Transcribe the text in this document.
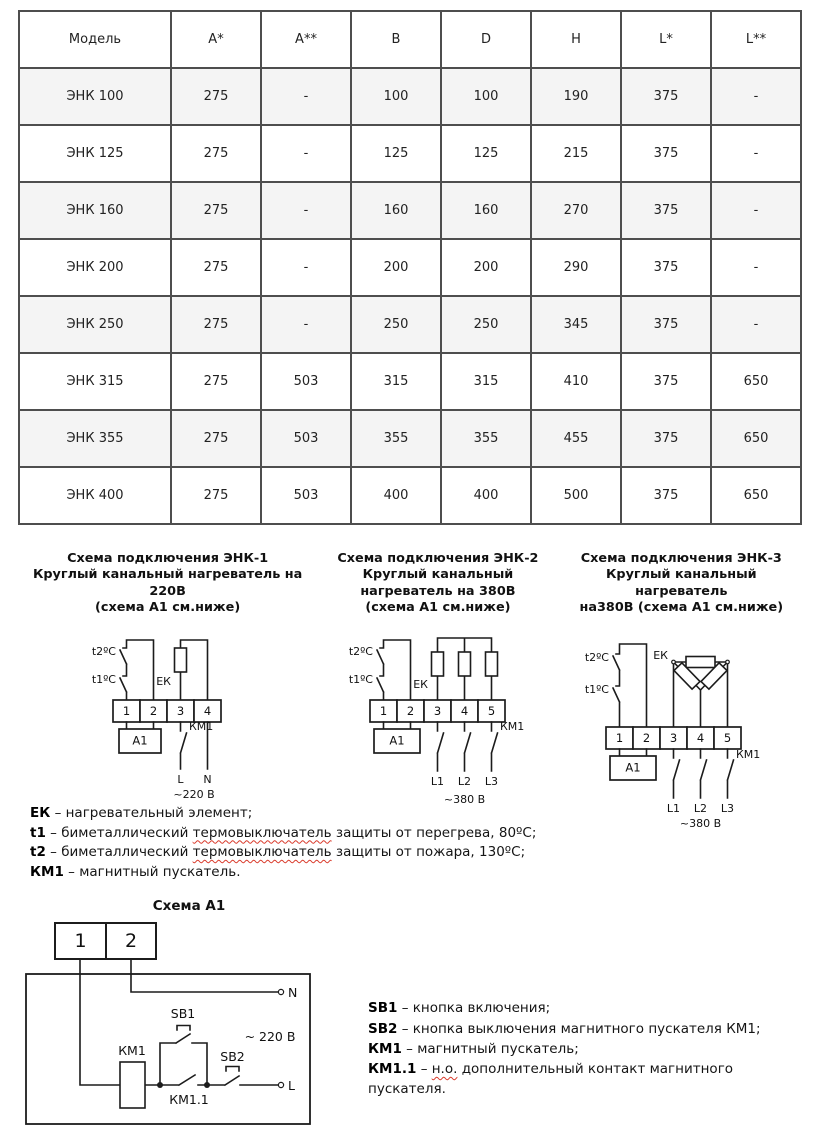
Модель	A*	A**	B	D	H	L*	L**
ЭНК 100	275	-	100	100	190	375	-
ЭНК 125	275	-	125	125	215	375	-
ЭНК 160	275	-	160	160	270	375	-
ЭНК 200	275	-	200	200	290	375	-
ЭНК 250	275	-	250	250	345	375	-
ЭНК 315	275	503	315	315	410	375	650
ЭНК 355	275	503	355	355	455	375	650
ЭНК 400	275	503	400	400	500	375	650
Схема подключения ЭНК-1
Круглый канальный нагреватель на 220В
(схема А1 см.ниже)
1 2 3 4
А1
t2ºC
t1ºC	ЕК
КМ1
L N
~220 В
Схема подключения ЭНК-2
Круглый канальный нагреватель на 380В
(схема А1 см.ниже)
1 2 3 4 5
А1
t2ºC
t1ºC	ЕК
КМ1
L1 L2 L3
~380 В
Схема подключения ЭНК-3
Круглый канальный нагреватель
на380В (схема А1 см.ниже)
1 2 3 4 5
А1
t2ºC
t1ºC
ЕК
КМ1
L1 L2 L3
~380 В
ЕК – нагревательный элемент;
t1 – биметаллический термовыключатель защиты от перегрева, 80ºС;
t2 – биметаллический термовыключатель защиты от пожара, 130ºС;
КМ1 – магнитный пускатель.
Схема А1
1 2
N
L
КМ1
КМ1.1
SB1
SB2
~ 220 В
SB1 – кнопка включения;
SB2 – кнопка выключения магнитного пускателя КМ1;
КМ1 – магнитный пускатель;
КМ1.1 – н.о. дополнительный контакт магнитного пускателя.
